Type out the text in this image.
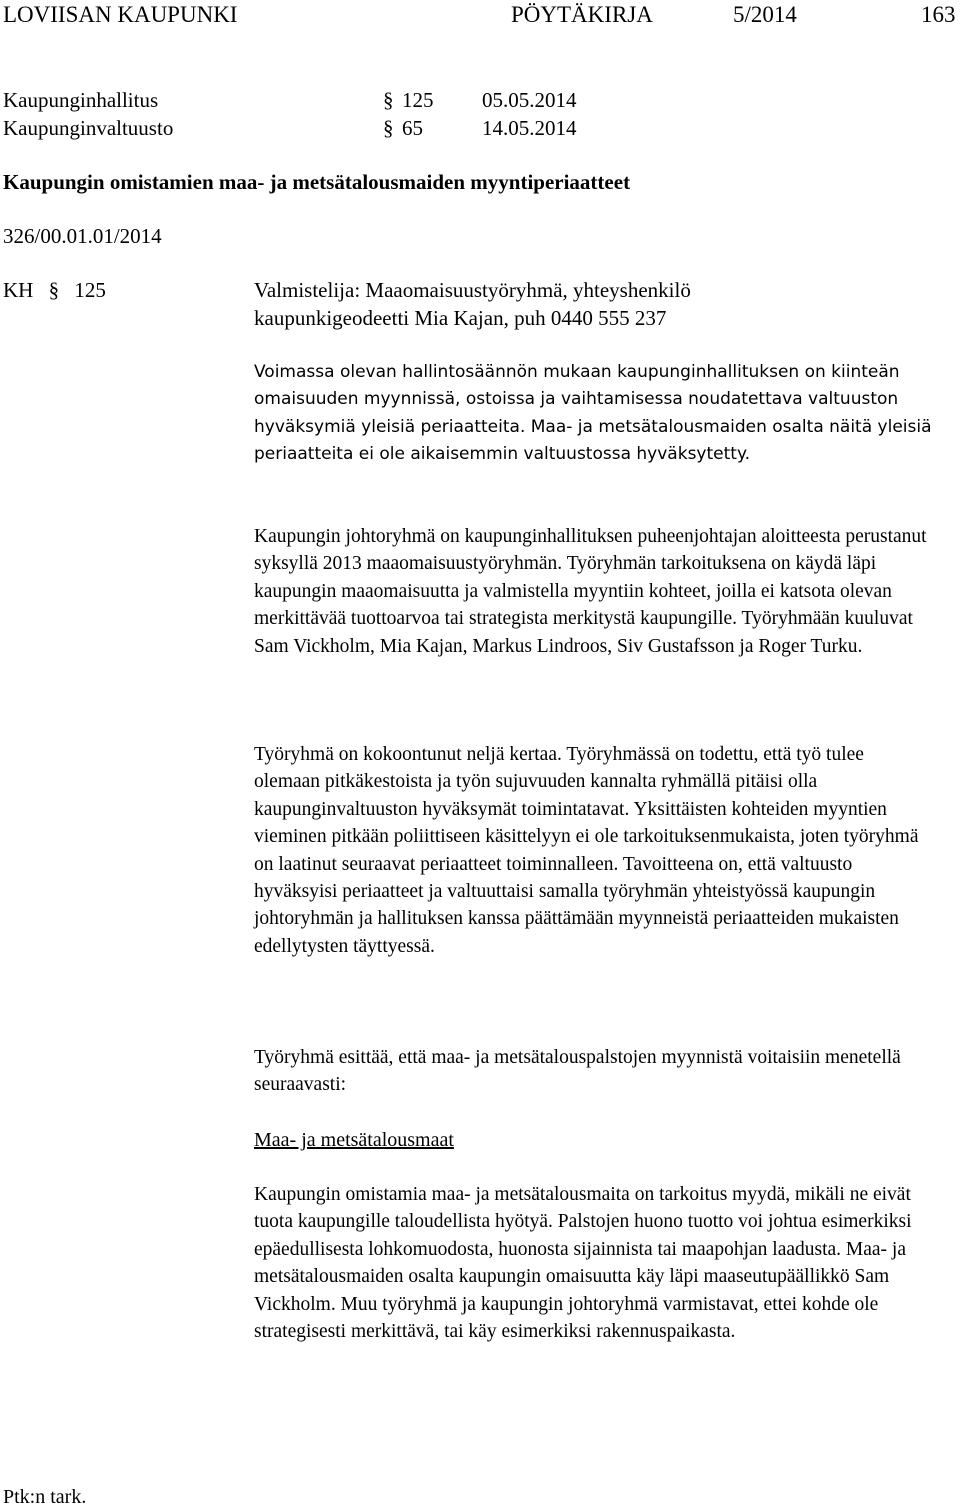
LOVIISAN KAUPUNKI	PÖYTÄKIRJA	5/2014	163
Kaupunginhallitus	§ 125 05.05.2014
Kaupunginvaltuusto	§ 65	14.05.2014
Kaupungin omistamien maa- ja metsätalousmaiden myyntiperiaatteet
326/00.01.01/2014
KH § 125	Valmistelija: Maaomaisuustyöryhmä, yhteyshenkilö
kaupunkigeodeetti Mia Kajan, puh 0440 555 237

Voimassa olevan hallintosäännön mukaan kaupunginhallituksen on kiinteän omaisuuden myynnissä, ostoissa ja vaihtamisessa noudatettava valtuuston hyväksymiä yleisiä periaatteita. Maa- ja metsätalousmaiden osalta näitä yleisiä periaatteita ei ole aikaisemmin valtuustossa hyväksytetty.

Kaupungin johtoryhmä on kaupunginhallituksen puheenjohtajan aloitteesta perustanut syksyllä 2013 maaomaisuustyöryhmän. Työryhmän tarkoituksena on käydä läpi kaupungin maaomaisuutta ja valmistella myyntiin kohteet, joilla ei katsota olevan merkittävää tuottoarvoa tai strategista merkitystä kaupungille. Työryhmään kuuluvat Sam Vickholm, Mia Kajan, Markus Lindroos, Siv Gustafsson ja Roger Turku.
Työryhmä on kokoontunut neljä kertaa. Työryhmässä on todettu, että työ tulee olemaan pitkäkestoista ja työn sujuvuuden kannalta ryhmällä pitäisi olla kaupunginvaltuuston hyväksymät toimintatavat. Yksittäisten kohteiden myyntien vieminen pitkään poliittiseen käsittelyyn ei ole tarkoituksenmukaista, joten työryhmä on laatinut seuraavat periaatteet toiminnalleen. Tavoitteena on, että valtuusto hyväksyisi periaatteet ja valtuuttaisi samalla työryhmän yhteistyössä kaupungin johtoryhmän ja hallituksen kanssa päättämään myynneistä periaatteiden mukaisten edellytysten täyttyessä.
Työryhmä esittää, että maa- ja metsätalouspalstojen myynnistä voitaisiin menetellä seuraavasti:
Maa- ja metsätalousmaat
Kaupungin omistamia maa- ja metsätalousmaita on tarkoitus myydä, mikäli ne eivät tuota kaupungille taloudellista hyötyä. Palstojen huono tuotto voi johtua esimerkiksi epäedullisesta lohkomuodosta, huonosta sijainnista tai maapohjan laadusta. Maa- ja metsätalousmaiden osalta kaupungin omaisuutta käy läpi maaseutupäällikkö Sam Vickholm. Muu työryhmä ja kaupungin johtoryhmä varmistavat, ettei kohde ole strategisesti merkittävä, tai käy esimerkiksi rakennuspaikasta.
Ptk:n tark.
